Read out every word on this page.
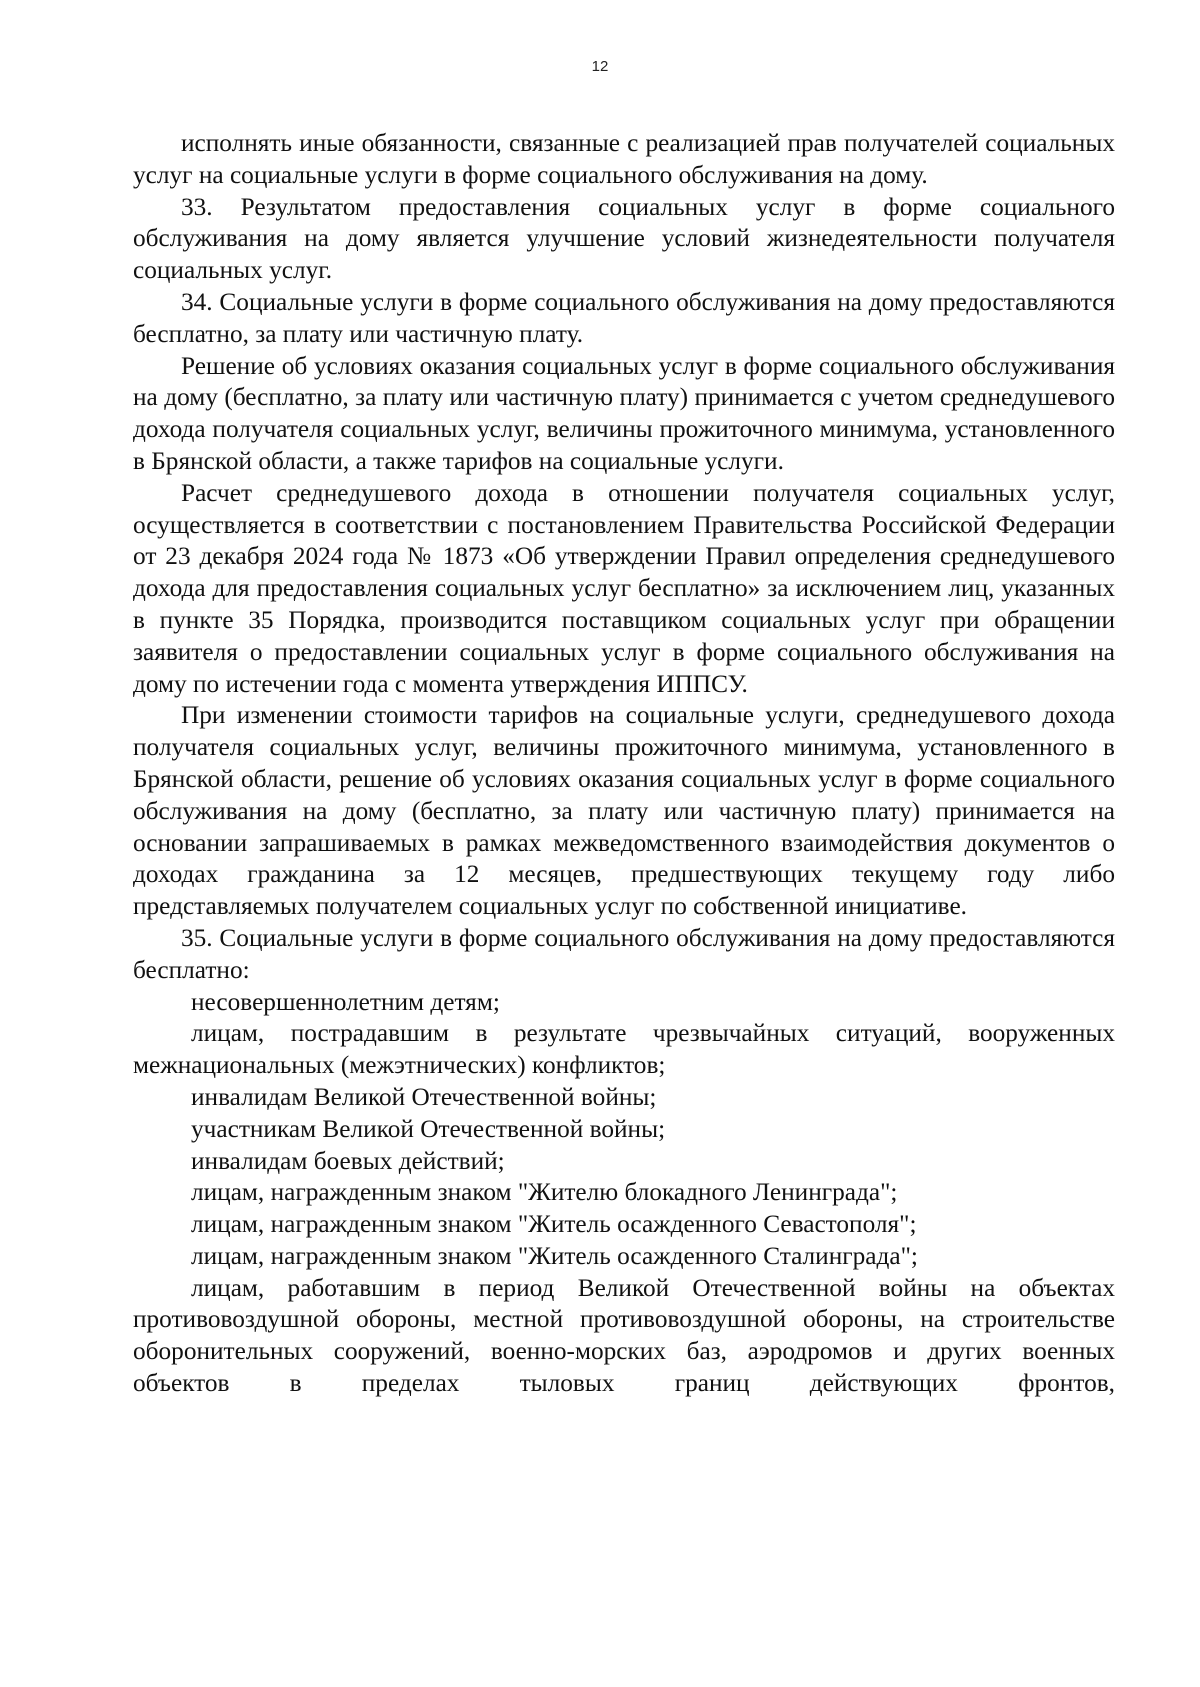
12

исполнять иные обязанности, связанные с реализацией прав получателей социальных услуг на социальные услуги в форме социального обслуживания на дому.

33. Результатом предоставления социальных услуг в форме социального обслуживания на дому является улучшение условий жизнедеятельности получателя социальных услуг.

34. Социальные услуги в форме социального обслуживания на дому предоставляются бесплатно, за плату или частичную плату.

Решение об условиях оказания социальных услуг в форме социального обслуживания на дому (бесплатно, за плату или частичную плату) принимается с учетом среднедушевого дохода получателя социальных услуг, величины прожиточного минимума, установленного в Брянской области, а также тарифов на социальные услуги.

Расчет среднедушевого дохода в отношении получателя социальных услуг, осуществляется в соответствии с постановлением Правительства Российской Федерации от 23 декабря 2024 года № 1873 «Об утверждении Правил определения среднедушевого дохода для предоставления социальных услуг бесплатно» за исключением лиц, указанных в пункте 35 Порядка, производится поставщиком социальных услуг при обращении заявителя о предоставлении социальных услуг в форме социального обслуживания на дому по истечении года с момента утверждения ИППСУ.

При изменении стоимости тарифов на социальные услуги, среднедушевого дохода получателя социальных услуг, величины прожиточного минимума, установленного в Брянской области, решение об условиях оказания социальных услуг в форме социального обслуживания на дому (бесплатно, за плату или частичную плату) принимается на основании запрашиваемых в рамках межведомственного взаимодействия документов о доходах гражданина за 12 месяцев, предшествующих текущему году либо представляемых получателем социальных услуг по собственной инициативе.

35. Социальные услуги в форме социального обслуживания на дому предоставляются бесплатно:

несовершеннолетним детям;

лицам, пострадавшим в результате чрезвычайных ситуаций, вооруженных межнациональных (межэтнических) конфликтов;

инвалидам Великой Отечественной войны;

участникам Великой Отечественной войны;

инвалидам боевых действий;

лицам, награжденным знаком "Жителю блокадного Ленинграда";

лицам, награжденным знаком "Житель осажденного Севастополя";

лицам, награжденным знаком "Житель осажденного Сталинграда";

лицам, работавшим в период Великой Отечественной войны на объектах противовоздушной обороны, местной противовоздушной обороны, на строительстве оборонительных сооружений, военно-морских баз, аэродромов и других военных объектов в пределах тыловых границ действующих фронтов,
